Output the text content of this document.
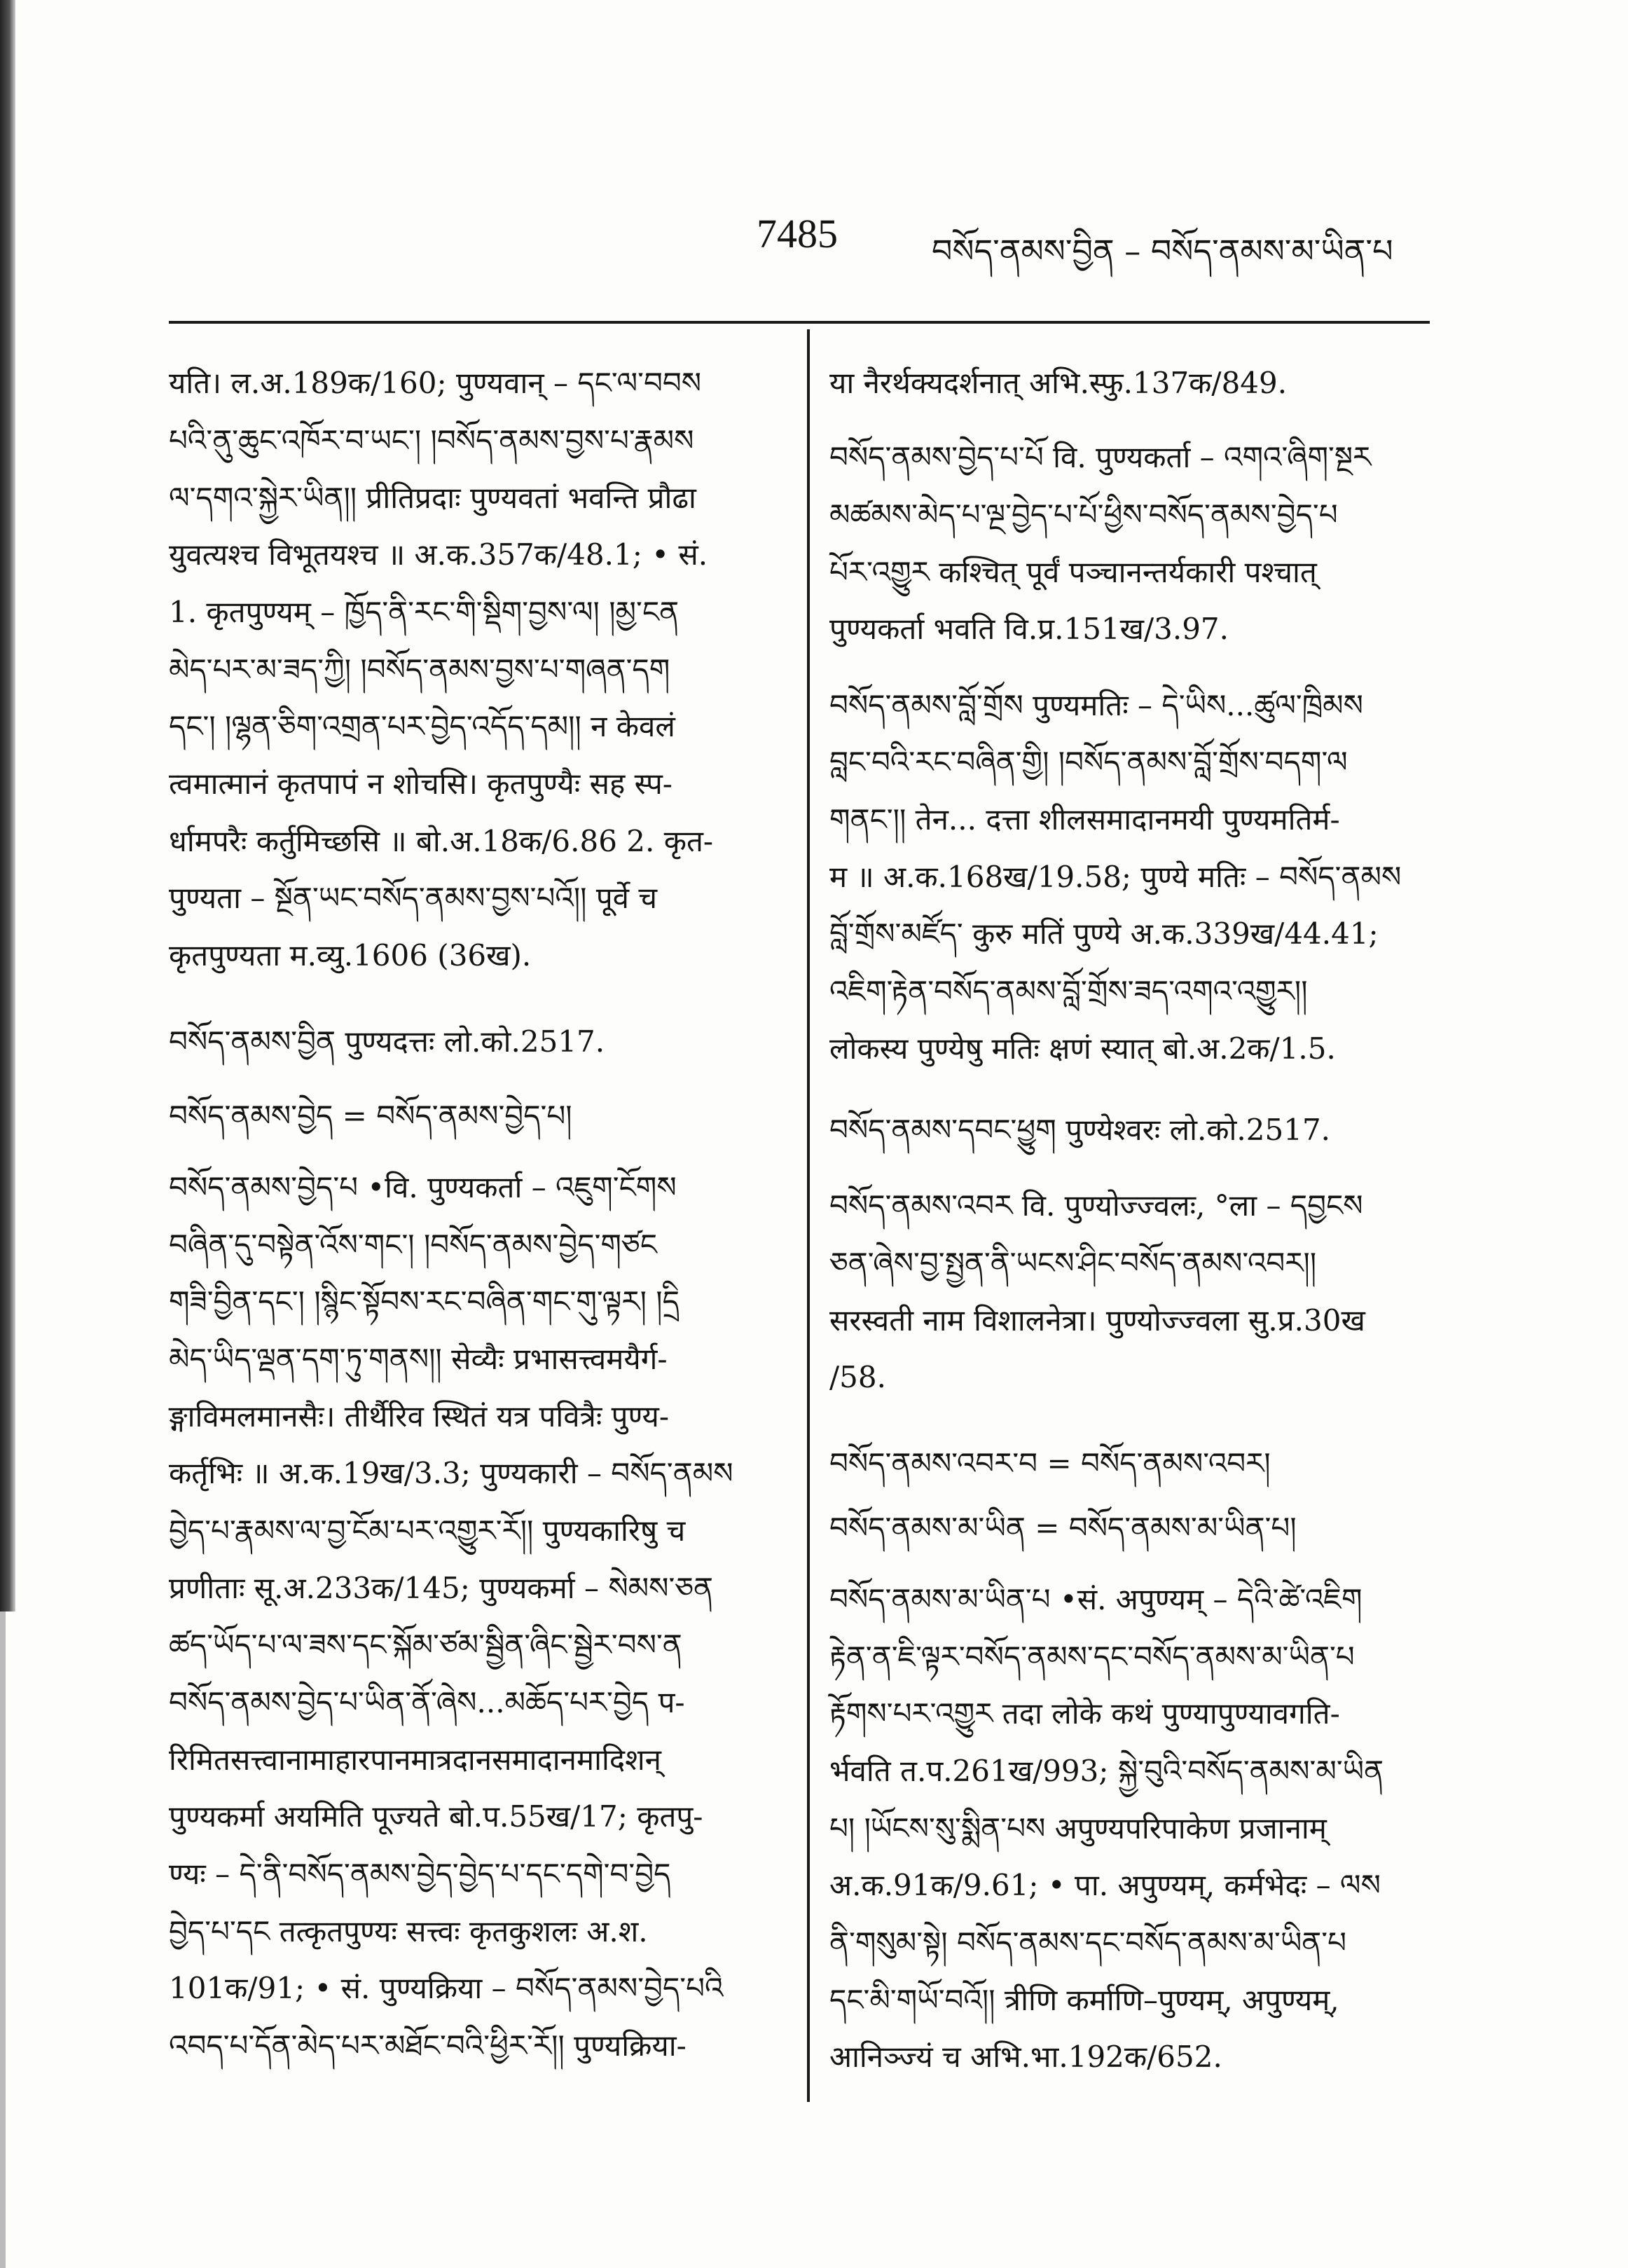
7485	བསོད་ནམས་བྱིན – བསོད་ནམས་མ་ཡིན་པ
यति। ल.अ.189क/160; पुण्यवान् – དང་ལ་བབས
པའི་ནུ་ཆུང་འཁོར་བ་ཡང་། །བསོད་ནམས་བྱས་པ་རྣམས
ལ་དགའ་སྐྱེར་ཡིན།། प्रीतिप्रदाः पुण्यवतां भवन्ति प्रौढा
युवत्यश्च विभूतयश्च ॥ अ.क.357क/48.1; • सं.
1. कृतपुण्यम् – ཁྱོད་ནི་རང་གི་སྡིག་བྱས་ལ། །མྱ་ངན
མེད་པར་མ་ཟད་ཀྱི། །བསོད་ནམས་བྱས་པ་གཞན་དག
དང་། །ལྷན་ཅིག་འགྲན་པར་བྱེད་འདོད་དམ།། न केवलं
त्वमात्मानं कृतपापं न शोचसि। कृतपुण्यैः सह स्प-
र्धामपरैः कर्तुमिच्छसि ॥ बो.अ.18क/6.86 2. कृत-
पुण्यता – སྔོན་ཡང་བསོད་ནམས་བྱས་པའོ།། पूर्वे च
कृतपुण्यता म.व्यु.1606 (36ख).
བསོད་ནམས་བྱིན पुण्यदत्तः लो.को.2517.
བསོད་ནམས་བྱེད = བསོད་ནམས་བྱེད་པ།
བསོད་ནམས་བྱེད་པ •वि. पुण्यकर्ता – འཇུག་ངོགས
བཞིན་དུ་བསྟེན་འོས་གང་། །བསོད་ནམས་བྱེད་གཙང
གཟི་བྱིན་དང་། །སྙིང་སྟོབས་རང་བཞིན་གང་གུ་ལྟར། །དྲི
མེད་ཡིད་ལྡན་དག་ཏུ་གནས།། सेव्यैः प्रभासत्त्वमयैर्ग-
ङ्गाविमलमानसैः। तीर्थैरिव स्थितं यत्र पवित्रैः पुण्य-
कर्तृभिः ॥ अ.क.19ख/3.3; पुण्यकारी – བསོད་ནམས
བྱེད་པ་རྣམས་ལ་བྱ་ངོམ་པར་འགྱུར་རོ།། पुण्यकारिषु च
प्रणीताः सू.अ.233क/145; पुण्यकर्मा – སེམས་ཅན
ཚད་ཡོད་པ་ལ་ཟས་དང་སྐོམ་ཙམ་སྦྱིན་ཞིང་སྦྱེར་བས་ན
བསོད་ནམས་བྱེད་པ་ཡིན་ནོ་ཞེས...མཆོད་པར་བྱེད प-
रिमितसत्त्वानामाहारपानमात्रदानसमादानमादिशन्
पुण्यकर्मा अयमिति पूज्यते बो.प.55ख/17; कृतपु-
ण्यः – དེ་ནི་བསོད་ནམས་བྱེད་བྱེད་པ་དང་དགེ་བ་བྱེད
བྱེད་པ་དང तत्कृतपुण्यः सत्त्वः कृतकुशलः अ.श.
101क/91; • सं. पुण्यक्रिया – བསོད་ནམས་བྱེད་པའི
འབད་པ་དོན་མེད་པར་མཐོང་བའི་ཕྱིར་རོ།། पुण्यक्रिया-
या नैरर्थक्यदर्शनात् अभि.स्फु.137क/849.
བསོད་ནམས་བྱེད་པ་པོ वि. पुण्यकर्ता – འགའ་ཞིག་སྔར
མཚམས་མེད་པ་ལྔ་བྱེད་པ་པོ་ཕྱིས་བསོད་ནམས་བྱེད་པ
པོར་འགྱུར कश्चित् पूर्वं पञ्चानन्तर्यकारी पश्चात्
पुण्यकर्ता भवति वि.प्र.151ख/3.97.
བསོད་ནམས་བློ་གྲོས पुण्यमतिः – དེ་ཡིས...ཚུལ་ཁྲིམས
བླང་བའི་རང་བཞིན་གྱི། །བསོད་ནམས་བློ་གྲོས་བདག་ལ
གནང་།། तेन... दत्ता शीलसमादानमयी पुण्यमतिर्म-
म ॥ अ.क.168ख/19.58; पुण्ये मतिः – བསོད་ནམས
བློ་གྲོས་མཛོད་ कुरु मतिं पुण्ये अ.क.339ख/44.41;
འཇིག་རྟེན་བསོད་ནམས་བློ་གྲོས་ཟད་འགའ་འགྱུར།།
लोकस्य पुण्येषु मतिः क्षणं स्यात् बो.अ.2क/1.5.
བསོད་ནམས་དབང་ཕྱུག पुण्येश्वरः लो.को.2517.
བསོད་ནམས་འབར वि. पुण्योज्ज्वलः, °ला – དབྱངས
ཅན་ཞེས་བྱ་སྤྱན་ནི་ཡངས་ཤིང་བསོད་ནམས་འབར།།
सरस्वती नाम विशालनेत्रा। पुण्योज्ज्वला सु.प्र.30ख
/58.
བསོད་ནམས་འབར་བ = བསོད་ནམས་འབར།
བསོད་ནམས་མ་ཡིན = བསོད་ནམས་མ་ཡིན་པ།
བསོད་ནམས་མ་ཡིན་པ •सं. अपुण्यम् – དེའི་ཚེ་འཇིག
རྟེན་ན་ཇི་ལྟར་བསོད་ནམས་དང་བསོད་ནམས་མ་ཡིན་པ
རྟོགས་པར་འགྱུར तदा लोके कथं पुण्यापुण्यावगति-
र्भवति त.प.261ख/993; སྐྱེ་བུའི་བསོད་ནམས་མ་ཡིན
པ། །ཡོངས་སུ་སྨིན་པས अपुण्यपरिपाकेण प्रजानाम्
अ.क.91क/9.61; • पा. अपुण्यम्, कर्मभेदः – ལས
ནི་གསུམ་སྟེ། བསོད་ནམས་དང་བསོད་ནམས་མ་ཡིན་པ
དང་མི་གཡོ་བའོ།། त्रीणि कर्माणि–पुण्यम्, अपुण्यम्,
आनिञ्ज्यं च अभि.भा.192क/652.
